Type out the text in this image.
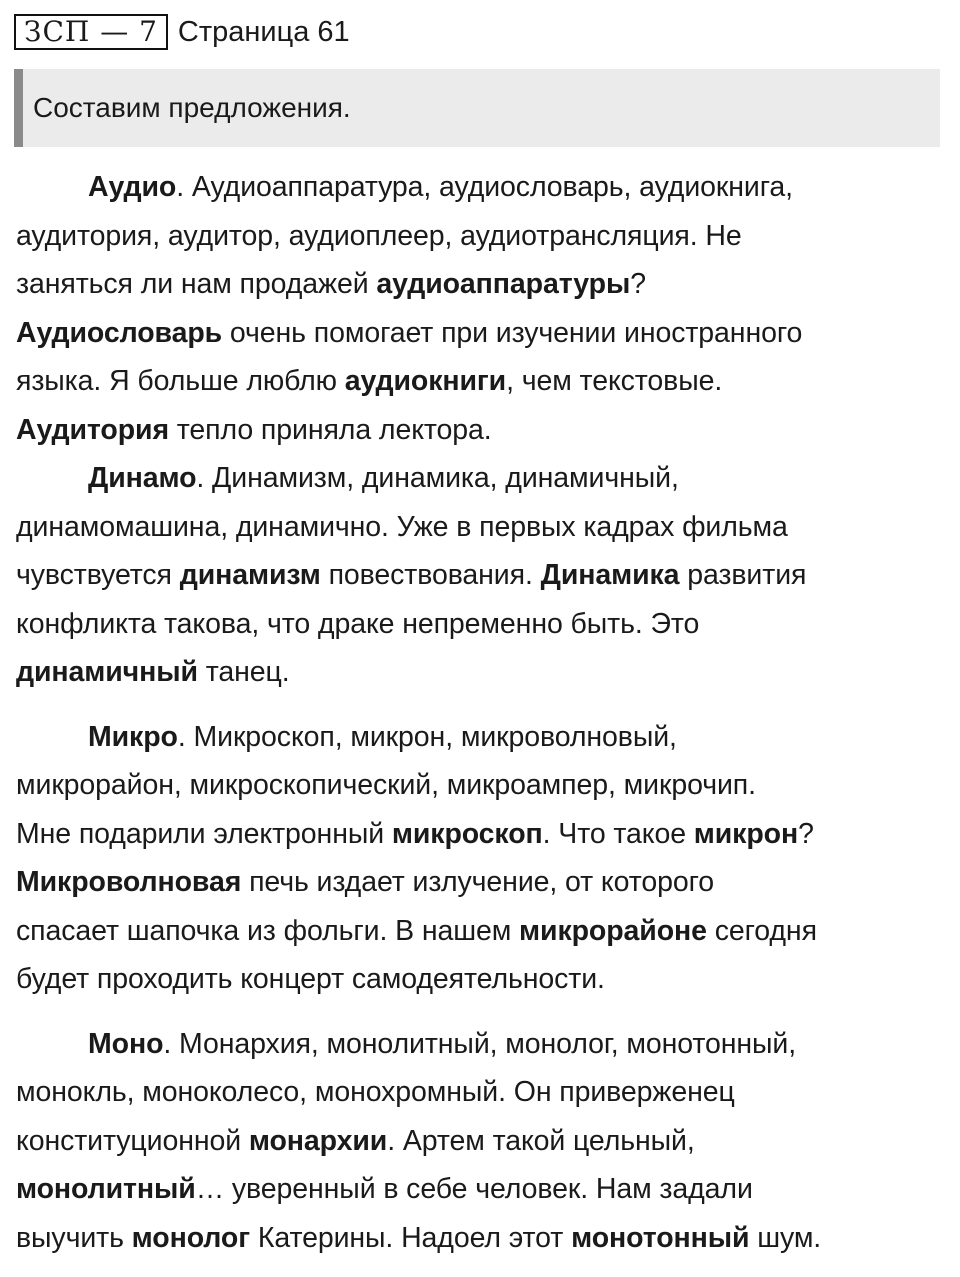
ЗСП — 7 Страница 61
Составим предложения.

Аудио. Аудиоаппаратура, аудиословарь, аудиокнига,
аудитория, аудитор, аудиоплеер, аудиотрансляция. Не
заняться ли нам продажей аудиоаппаратуры?
Аудиословарь очень помогает при изучении иностранного
языка. Я больше люблю аудиокниги, чем текстовые.
Аудитория тепло приняла лектора.

Динамо. Динамизм, динамика, динамичный,
динамомашина, динамично. Уже в первых кадрах фильма
чувствуется динамизм повествования. Динамика развития
конфликта такова, что драке непременно быть. Это
динамичный танец.

Микро. Микроскоп, микрон, микроволновый,
микрорайон, микроскопический, микроампер, микрочип.
Мне подарили электронный микроскоп. Что такое микрон?
Микроволновая печь издает излучение, от которого
спасает шапочка из фольги. В нашем микрорайоне сегодня
будет проходить концерт самодеятельности.

Моно. Монархия, монолитный, монолог, монотонный,
монокль, моноколесо, монохромный. Он приверженец
конституционной монархии. Артем такой цельный,
монолитный… уверенный в себе человек. Нам задали
выучить монолог Катерины. Надоел этот монотонный шум.
